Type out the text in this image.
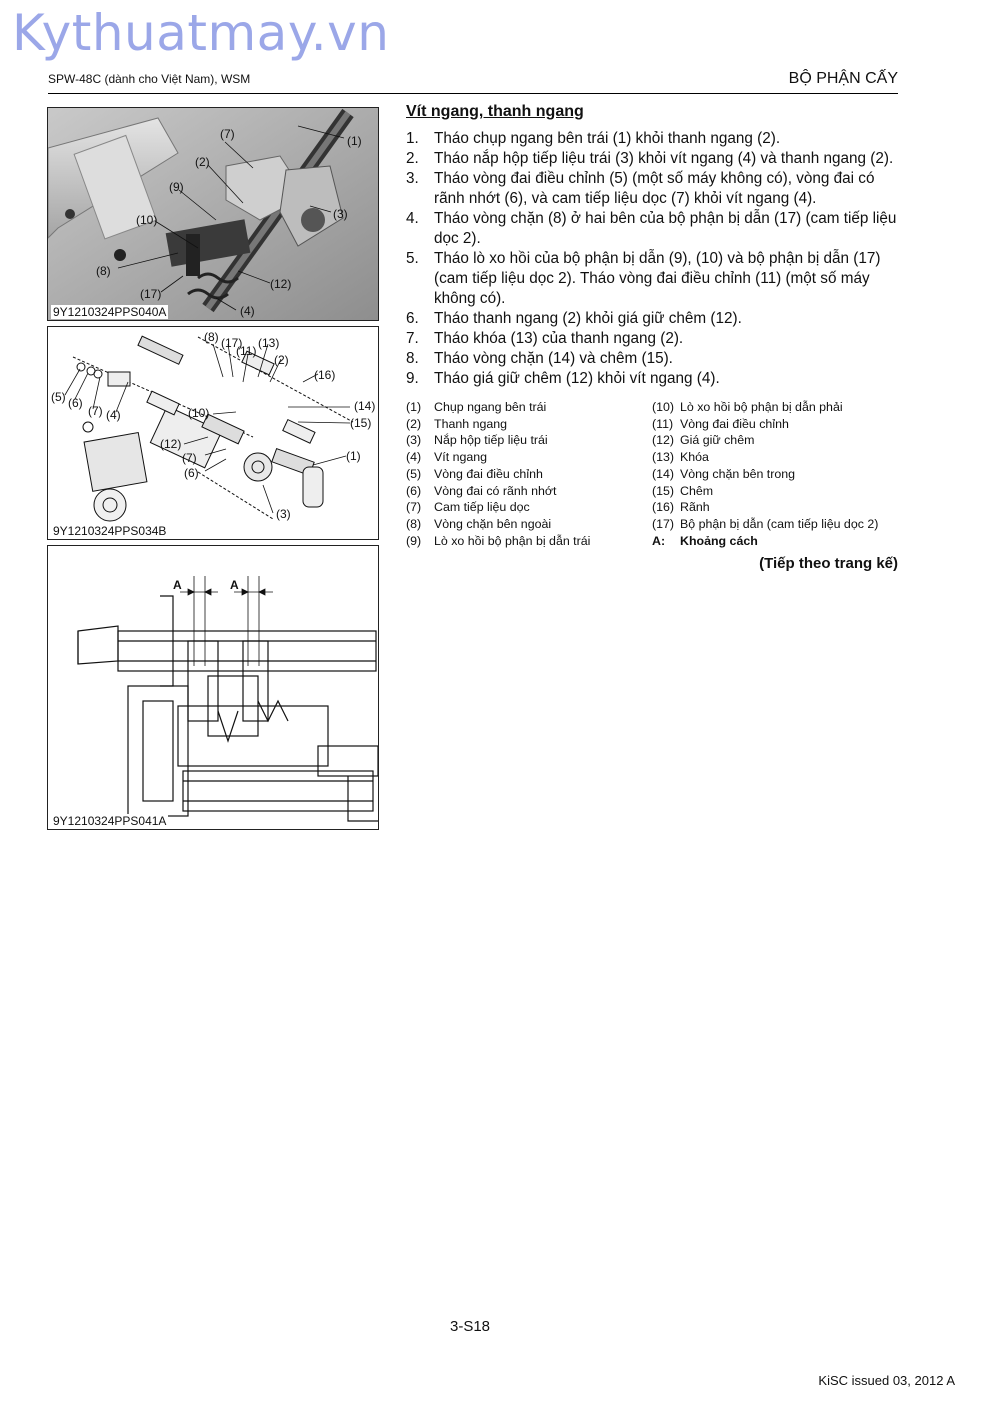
Kythuatmay.vn
SPW-48C (dành cho Việt Nam), WSM	BỘ PHẬN CẤY
(1)
(2)
(3)
(4)
(7)
(8)
(9)
(10)
(12)
(17)
9Y1210324PPS040A
(1)
(2)
(3)
(4)
(5) (6)
(7)
(8)
(10)
(11)
(12)
(13)
(14)
(15)
(16)
(17)
(6)
(7)
9Y1210324PPS034B
A	A
9Y1210324PPS041A
Vít ngang, thanh ngang
1. Tháo chụp ngang bên trái (1) khỏi thanh ngang (2).
2. Tháo nắp hộp tiếp liệu trái (3) khỏi vít ngang (4) và thanh ngang (2).
3. Tháo vòng đai điều chỉnh (5) (một số máy không có), vòng đai có rãnh nhớt (6), và cam tiếp liệu dọc (7) khỏi vít ngang (4).
4. Tháo vòng chặn (8) ở hai bên của bộ phận bị dẫn (17) (cam tiếp liệu dọc 2).
5. Tháo lò xo hồi của bộ phận bị dẫn (9), (10) và bộ phận bị dẫn (17) (cam tiếp liệu dọc 2). Tháo vòng đai điều chỉnh (11) (một số máy không có).
6. Tháo thanh ngang (2) khỏi giá giữ chêm (12).
7. Tháo khóa (13) của thanh ngang (2).
8. Tháo vòng chặn (14) và chêm (15).
9. Tháo giá giữ chêm (12) khỏi vít ngang (4).
(1)	Chụp ngang bên trái
(2)	Thanh ngang
(3)	Nắp hộp tiếp liệu trái
(4)	Vít ngang
(5)	Vòng đai điều chỉnh
(6)	Vòng đai có rãnh nhớt
(7)	Cam tiếp liệu dọc
(8)	Vòng chặn bên ngoài
(9)	Lò xo hồi bộ phận bị dẫn trái
(10) Lò xo hồi bộ phận bị dẫn phải
(11) Vòng đai điều chỉnh
(12) Giá giữ chêm
(13) Khóa
(14) Vòng chặn bên trong
(15) Chêm
(16) Rãnh
(17) Bộ phận bị dẫn (cam tiếp liệu dọc 2)
A:	Khoảng cách
(Tiếp theo trang kế)
3-S18
KiSC issued 03, 2012 A
